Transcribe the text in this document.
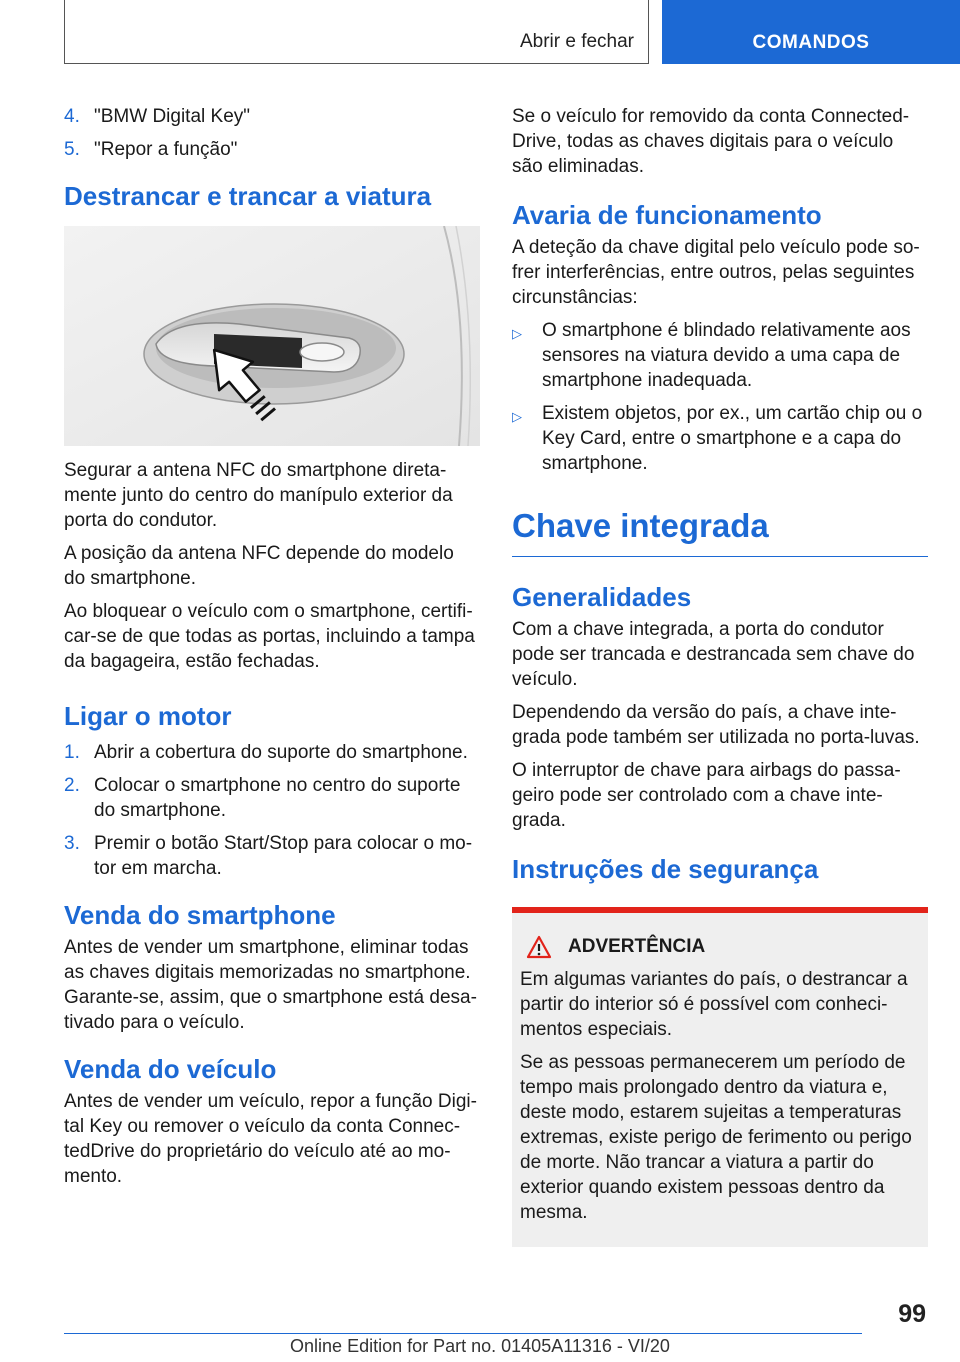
Abrir e fechar	COMANDOS
4. "BMW Digital Key"
5. "Repor a função"
Destrancar e trancar a viatura

Segurar a antena NFC do smartphone diretamente junto do centro do manípulo exterior da porta do condutor.

A posição da antena NFC depende do modelo do smartphone.

Ao bloquear o veículo com o smartphone, certificar-se de que todas as portas, incluindo a tampa da bagageira, estão fechadas.

Ligar o motor
1. Abrir a cobertura do suporte do smartphone.
2. Colocar o smartphone no centro do suporte do smartphone.
3. Premir o botão Start/Stop para colocar o motor em marcha.
Venda do smartphone

Antes de vender um smartphone, eliminar todas as chaves digitais memorizadas no smartphone. Garante-se, assim, que o smartphone está desativado para o veículo.

Venda do veículo

Antes de vender um veículo, repor a função Digital Key ou remover o veículo da conta ConnectedDrive do proprietário do veículo até ao momento.

Se o veículo for removido da conta ConnectedDrive, todas as chaves digitais para o veículo são eliminadas.

Avaria de funcionamento

A deteção da chave digital pelo veículo pode sofrer interferências, entre outros, pelas seguintes circunstâncias:

▷	O smartphone é blindado relativamente aos sensores na viatura devido a uma capa de smartphone inadequada.
▷	Existem objetos, por ex., um cartão chip ou o Key Card, entre o smartphone e a capa do smartphone.
Chave integrada
Generalidades

Com a chave integrada, a porta do condutor pode ser trancada e destrancada sem chave do veículo.

Dependendo da versão do país, a chave integrada pode também ser utilizada no porta-luvas.

O interruptor de chave para airbags do passageiro pode ser controlado com a chave integrada.

Instruções de segurança
ADVERTÊNCIA

Em algumas variantes do país, o destrancar a partir do interior só é possível com conhecimentos especiais.

Se as pessoas permanecerem um período de tempo mais prolongado dentro da viatura e, deste modo, estarem sujeitas a temperaturas extremas, existe perigo de ferimento ou perigo de morte. Não trancar a viatura a partir do exterior quando existem pessoas dentro da mesma.

99
Online Edition for Part no. 01405A11316 - VI/20
